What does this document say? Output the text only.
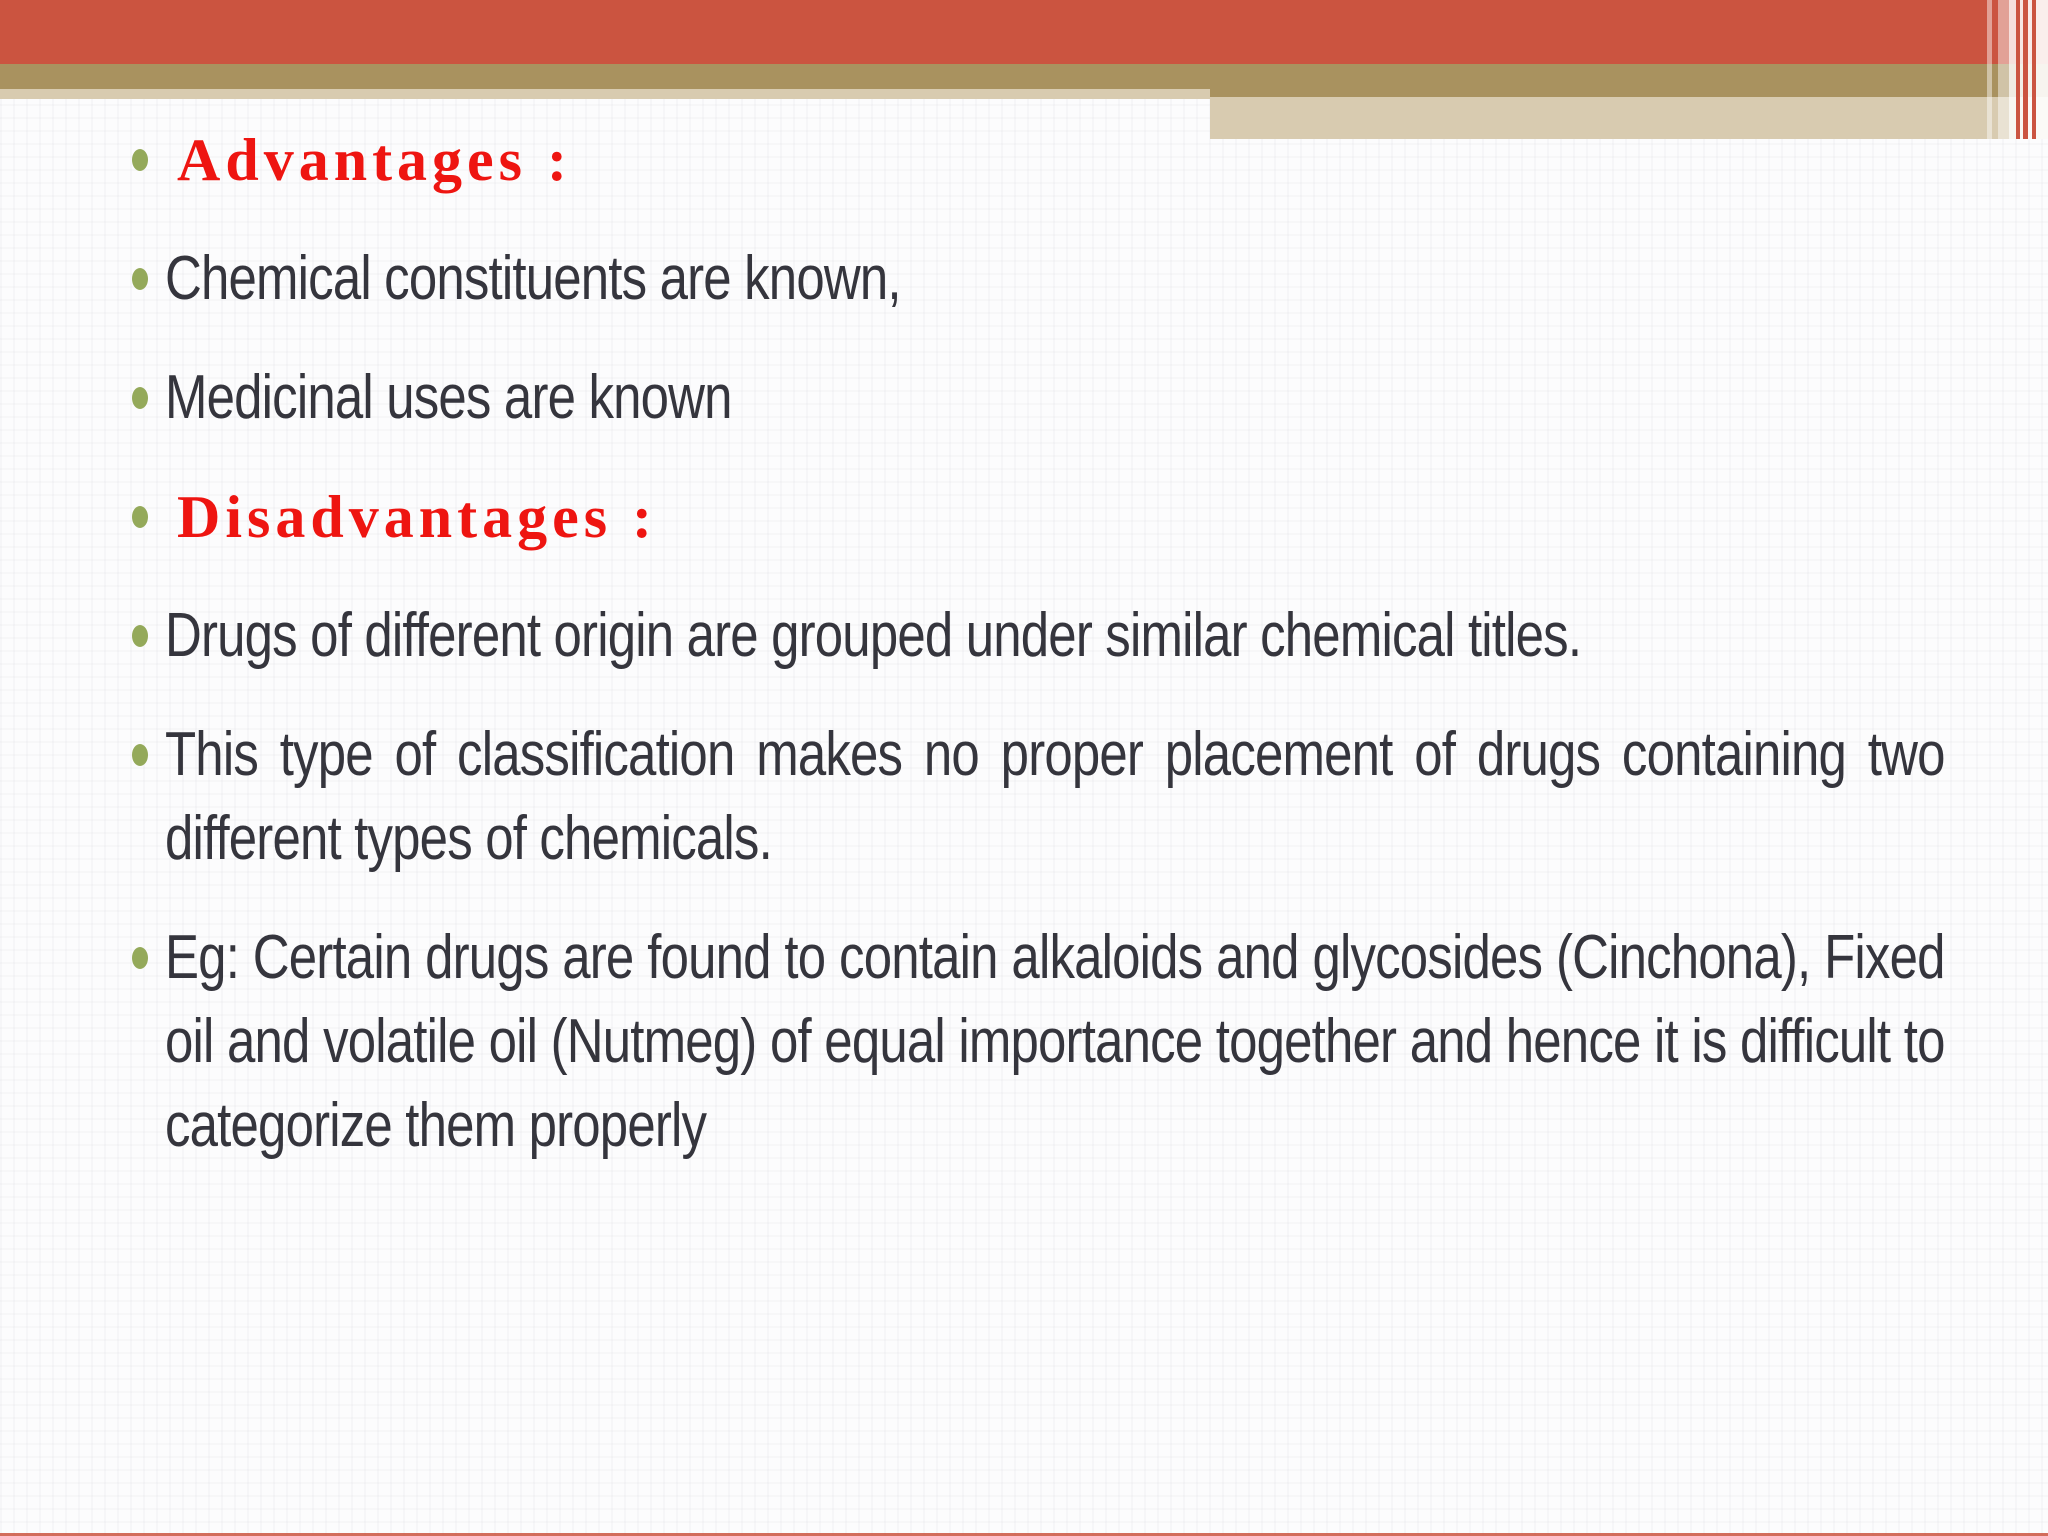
Advantages :
Chemical constituents are known,
Medicinal uses are known
Disadvantages :
Drugs of different origin are grouped under similar chemical titles.
This type of classification makes no proper placement of drugs containing two different types of chemicals.
Eg: Certain drugs are found to contain alkaloids and glycosides (Cinchona), Fixed oil and volatile oil (Nutmeg) of equal importance together and hence it is difficult to categorize them properly
